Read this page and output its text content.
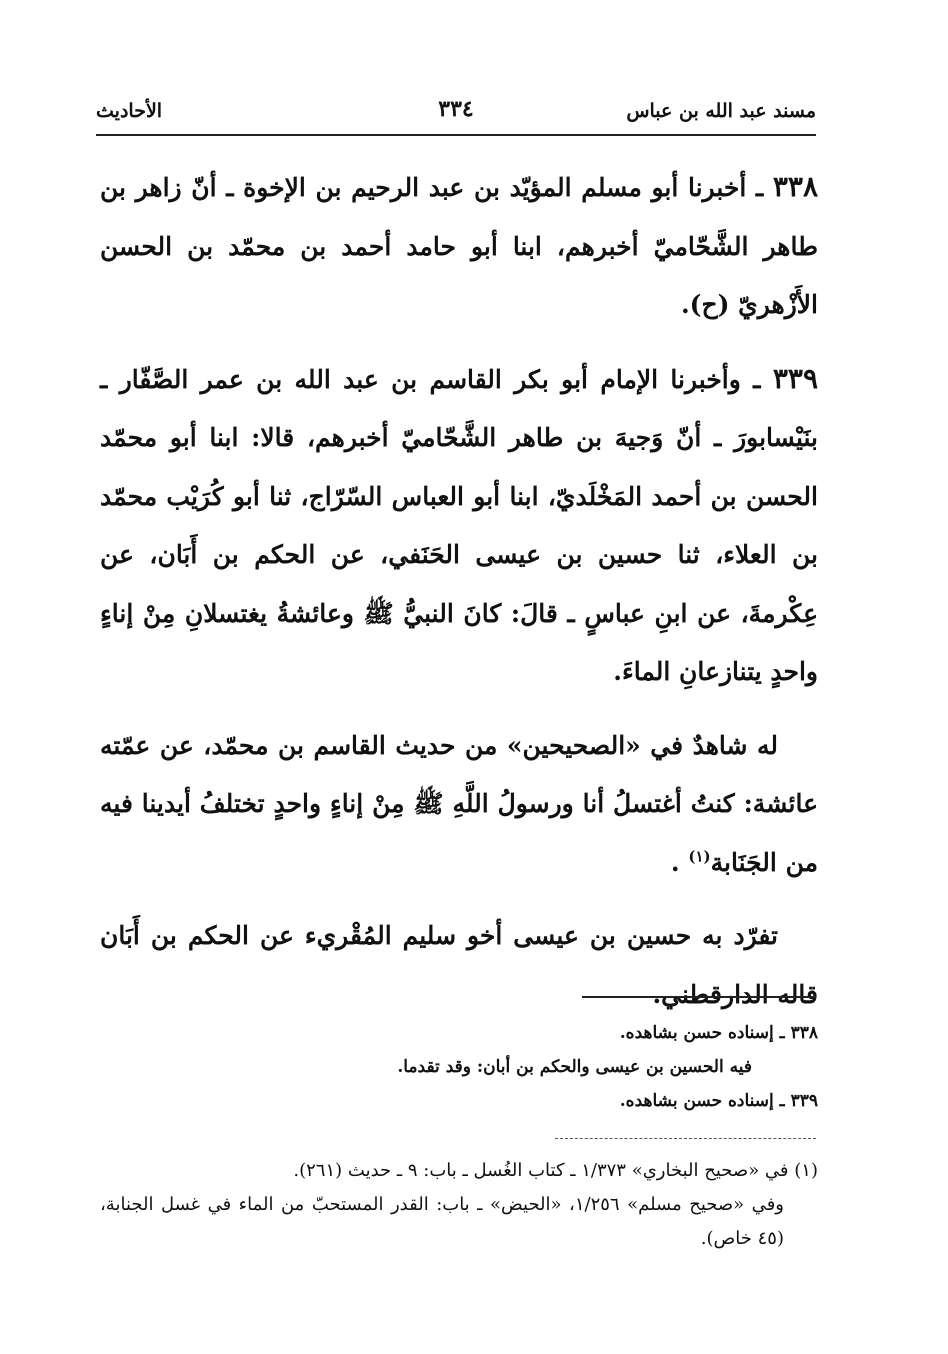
مسند عبد الله بن عباس
٣٣٤
الأحاديث

٣٣٨ ـ أخبرنا أبو مسلم المؤيّد بن عبد الرحيم بن الإخوة ـ أنّ زاهر بن طاهر الشَّحّاميّ أخبرهم، ابنا أبو حامد أحمد بن محمّد بن الحسن الأَزْهريّ (ح).

٣٣٩ ـ وأخبرنا الإمام أبو بكر القاسم بن عبد الله بن عمر الصَّفّار ـ بنَيْسابورَ ـ أنّ وَجيهَ بن طاهر الشَّحّاميّ أخبرهم، قالا: ابنا أبو محمّد الحسن بن أحمد المَخْلَديّ، ابنا أبو العباس السّرّاج، ثنا أبو كُرَيْب محمّد بن العلاء، ثنا حسين بن عيسى الحَنَفي، عن الحكم بن أَبَان، عن عِكْرمةَ، عن ابنِ عباسٍ ـ قالَ: كانَ النبيُّ ﷺ وعائشةُ يغتسلانِ مِنْ إناءٍ واحدٍ يتنازعانِ الماءَ.

له شاهدٌ في «الصحيحين» من حديث القاسم بن محمّد، عن عمّته عائشة: كنتُ أغتسلُ أنا ورسولُ اللَّهِ ﷺ مِنْ إناءٍ واحدٍ تختلفُ أيدينا فيه من الجَنَابة$^{(١)}$ .

تفرّد به حسين بن عيسى أخو سليم المُقْريء عن الحكم بن أَبَان قاله الدارقطني.

٣٣٨ ـ إسناده حسن بشاهده.

فيه الحسين بن عيسى والحكم بن أبان: وقد تقدما.

٣٣٩ ـ إسناده حسن بشاهده.

(١) في «صحيح البخاري» ١/٣٧٣ ـ كتاب الغُسل ـ باب: ٩ ـ حديث (٢٦١).

وفي «صحيح مسلم» ١/٢٥٦، «الحيض» ـ باب: القدر المستحبّ من الماء في غسل الجنابة، (٤٥ خاص).
